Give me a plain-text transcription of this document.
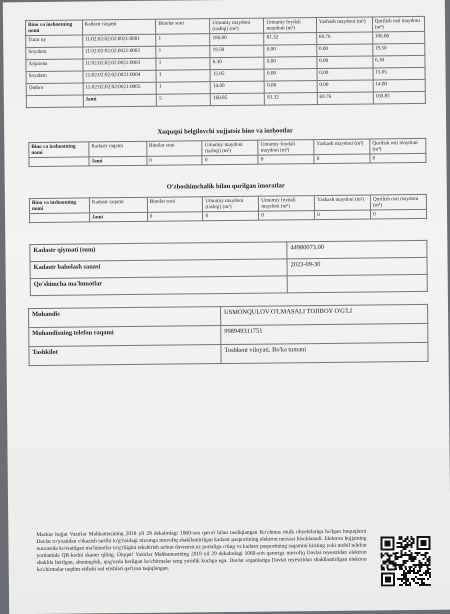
Bino va inshootning nomi	Kadastr raqami	Binolar soni	Umumiy maydoni (tashqi) (m²)	Umumiy foydali maydoni (m²)	Yashash maydoni (m²)	Qurilish osti maydoni (m²)
Turar uy	11:02:02:02:02:0021:0001	1	106.00	81.32	69.76	106.00
Soyabon	11:02:02:02:02:0021:0002	1	19.50	0.00	0.00	19.50
Xojatona	11:02:02:02:02:0021:0003	1	6.30	0.00	0.00	6.30
Soyabon	11:02:02:02:02:0021:0004	1	15.05	0.00	0.00	15.05
Ombor	11:02:02:02:02:0021:0005	1	14.00	0.00	0.00	14.00
	Jami	5	160.85	81.32	69.76	160.85
Xuquqni belgilovchi xujjatsiz bino va inshootlar
Bino va inshootning nomi	Kadastr raqami	Binolar soni	Umumiy maydoni (tashqi) (m²)	Umumiy foydali maydoni (m²)	Yashash maydoni (m²)	Qurilish osti maydoni (m²)
	Jami	0	0	0	0	0
O'zboshimchalik bilan qurilgan imoratlar
Bino va inshootning nomi	Kadastr raqami	Binolar soni	Umumiy maydoni (tashqi) (m²)	Umumiy foydali maydoni (m²)	Yashash maydoni (m²)	Qurilish osti maydoni (m²)
	Jami	0	0	0	0	0
Kadastr qiymati (sum)	44980073.00
Kadastr baholash sanasi	2023-09-30
Qo'shimcha ma'lumotlar	
Muhandis	USMONQULOV O'LMASALI TOJIBOY O'G'LI
Muhandisning telefon raqami	998949311751
Tashkilot	Toshkent viloyati, Bo'ka tumani
Mazkur hujjat Vazirlar Mahkamasining 2018 yil 29 dekabrdagi 1060-son qarori bilan tasdiqlangan Ko'chmas mulk obyektlariga bo'lgan huquqlarni Davlat ro'yxatidan o'tkazish tartibi to'g'risidagi nizomga muvofiq shakllantirilgan kadastr pasportining elektron nusxasi hisoblanadi. Elektron hujjatning nusxasida ko'rsatilgan ma'lumotlar to'g'riligini tekshirish uchun davreestr.uz portaliga o'ting va kadastr pasportining raqamini kiriting yoki mobil telefon yordamida QR-kodni skaner qiling. Diqqat! Vazirlar Mahkamasining 2018 yil 29 dekabrdagi 1060-son qaroriga muvofiq Davlat reyestridan elektron shaklda berilgan, shuningdek, qog'ozda berilgan ko'chirmalar teng yuridik kuchga ega. Davlat organlariga Davlat reyestridan shakllantirilgan elektron ko'chirmalar taqdim etilishi rad etishlari qat'iyan taqiqlangan.
